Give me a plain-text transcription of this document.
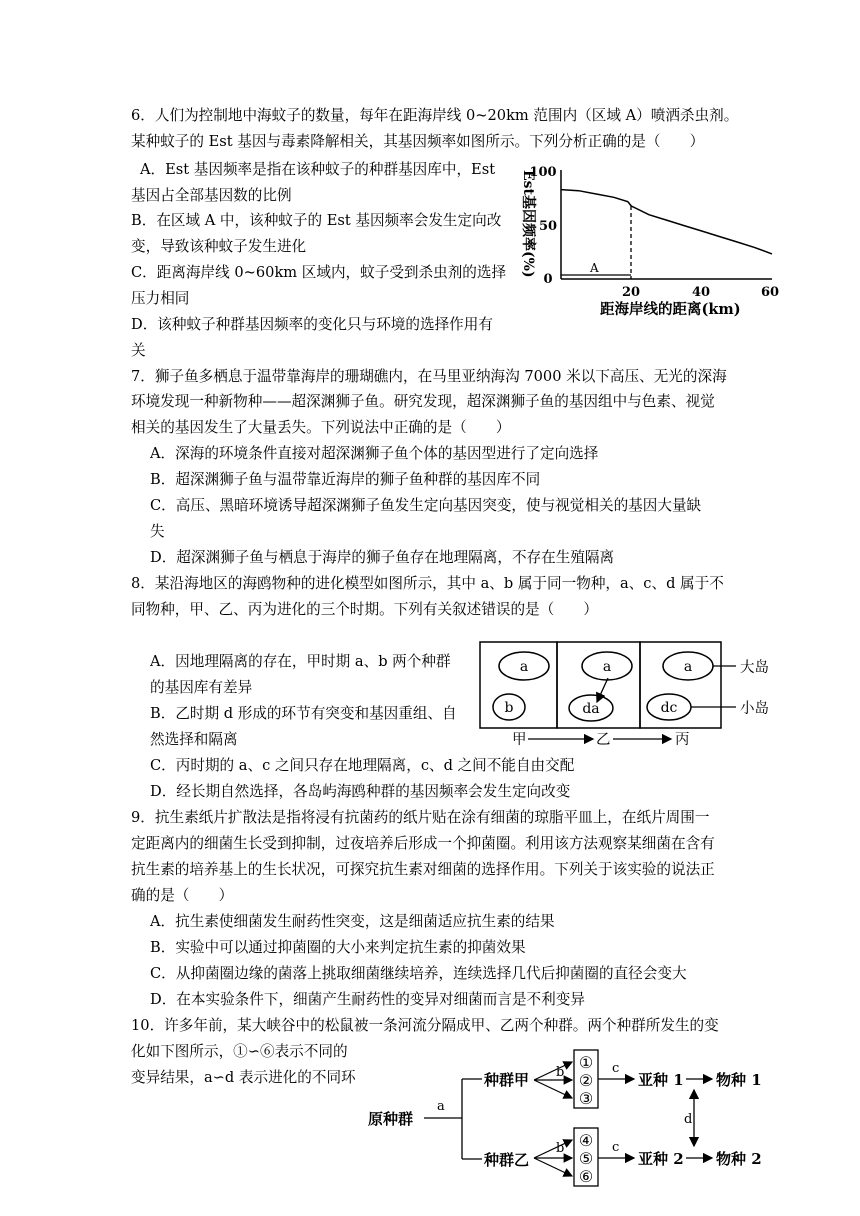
6．人们为控制地中海蚊子的数量，每年在距海岸线 0~20km 范围内（区域 A）喷洒杀虫剂。
某种蚊子的 Est 基因与毒素降解相关，其基因频率如图所示。下列分析正确的是（　　）
A．Est 基因频率是指在该种蚊子的种群基因库中，Est
基因占全部基因数的比例
B．在区域 A 中，该种蚊子的 Est 基因频率会发生定向改
变，导致该种蚊子发生进化
C．距离海岸线 0~60km 区域内，蚊子受到杀虫剂的选择
压力相同
D．该种蚊子种群基因频率的变化只与环境的选择作用有
关
Est基因频率(%)
距海岸线的距离(km)
0
50
100
20	40	60
A
7．狮子鱼多栖息于温带靠海岸的珊瑚礁内，在马里亚纳海沟 7000 米以下高压、无光的深海
环境发现一种新物种——超深渊狮子鱼。研究发现，超深渊狮子鱼的基因组中与色素、视觉
相关的基因发生了大量丢失。下列说法中正确的是（　　）
A．深海的环境条件直接对超深渊狮子鱼个体的基因型进行了定向选择
B．超深渊狮子鱼与温带靠近海岸的狮子鱼种群的基因库不同
C．高压、黑暗环境诱导超深渊狮子鱼发生定向基因突变，使与视觉相关的基因大量缺
失
D．超深渊狮子鱼与栖息于海岸的狮子鱼存在地理隔离，不存在生殖隔离
8．某沿海地区的海鸥物种的进化模型如图所示，其中 a、b 属于同一物种，a、c、d 属于不
同物种，甲、乙、丙为进化的三个时期。下列有关叙述错误的是（　　）
A．因地理隔离的存在，甲时期 a、b 两个种群
的基因库有差异
B．乙时期 d 形成的环节有突变和基因重组、自
然选择和隔离
C．丙时期的 a、c 之间只存在地理隔离，c、d 之间不能自由交配
D．经长期自然选择，各岛屿海鸥种群的基因频率会发生定向改变
a
b
a
da
a
dc
大岛
小岛
甲	乙	丙
9．抗生素纸片扩散法是指将浸有抗菌药的纸片贴在涂有细菌的琼脂平皿上，在纸片周围一
定距离内的细菌生长受到抑制，过夜培养后形成一个抑菌圈。利用该方法观察某细菌在含有
抗生素的培养基上的生长状况，可探究抗生素对细菌的选择作用。下列关于该实验的说法正
确的是（　　）
A．抗生素使细菌发生耐药性突变，这是细菌适应抗生素的结果
B．实验中可以通过抑菌圈的大小来判定抗生素的抑菌效果
C．从抑菌圈边缘的菌落上挑取细菌继续培养，连续选择几代后抑菌圈的直径会变大
D．在本实验条件下，细菌产生耐药性的变异对细菌而言是不利变异
10．许多年前，某大峡谷中的松鼠被一条河流分隔成甲、乙两个种群。两个种群所发生的变
化如下图所示，①∽⑥表示不同的
变异结果，a∽d 表示进化的不同环
原种群
a
种群甲
种群乙
b
b
①
②
③
④
⑤
⑥
c
c
亚种 1
亚种 2
d
物种 1
物种 2
